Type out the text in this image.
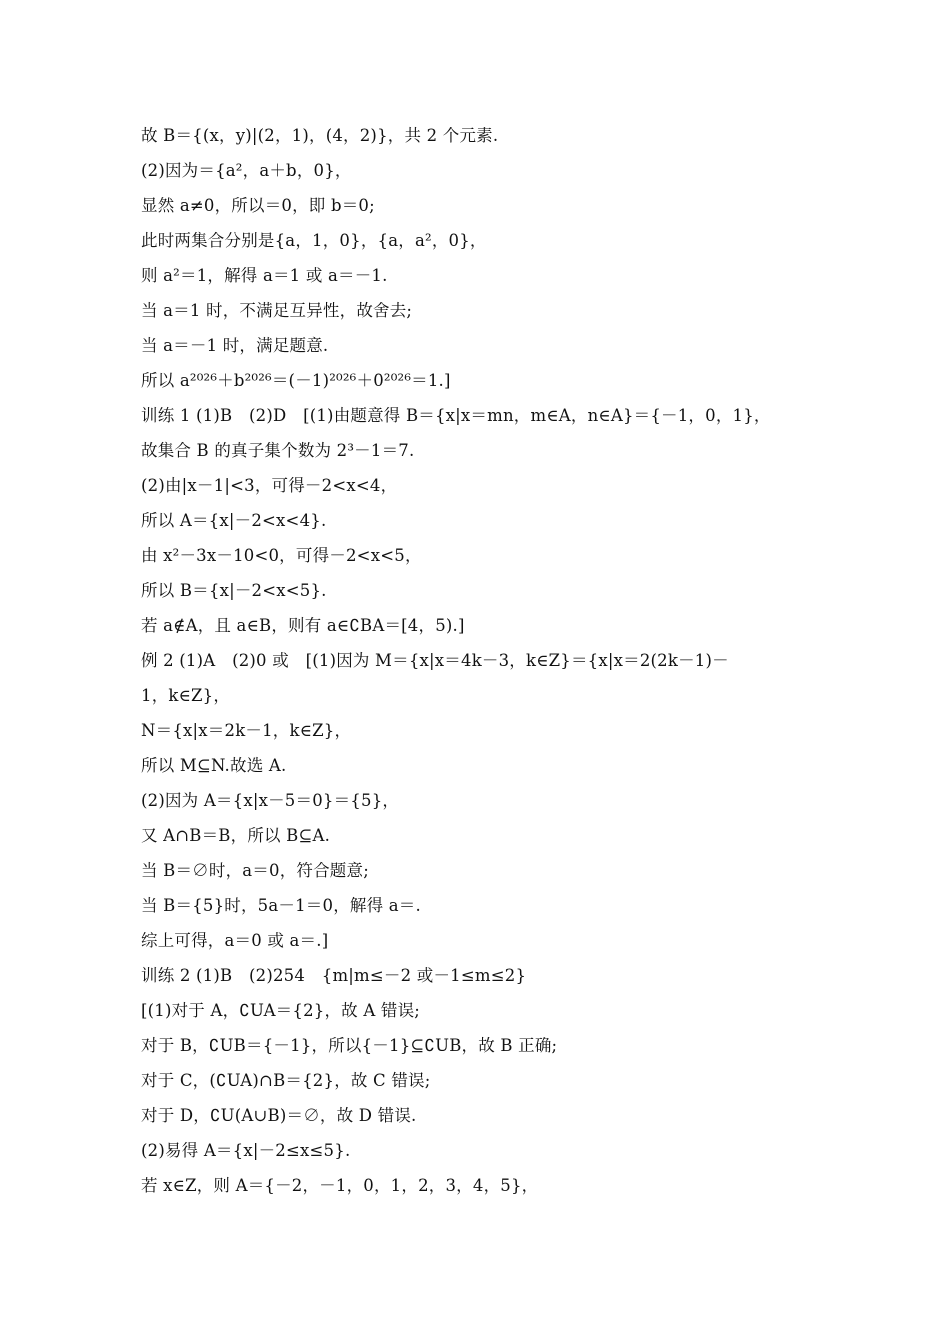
故 B＝{(x，y)|(2，1)，(4，2)}，共 2 个元素.
(2)因为＝{a²，a＋b，0}，
显然 a≠0，所以＝0，即 b＝0;
此时两集合分别是{a，1，0}，{a，a²，0}，
则 a²＝1，解得 a＝1 或 a＝－1.
当 a＝1 时，不满足互异性，故舍去;
当 a＝－1 时，满足题意.
所以 a²⁰²⁶＋b²⁰²⁶＝(－1)²⁰²⁶＋0²⁰²⁶＝1.]
训练 1 (1)B　(2)D　[(1)由题意得 B＝{x|x＝mn，m∈A，n∈A}＝{－1，0，1}，
故集合 B 的真子集个数为 2³－1＝7.
(2)由|x－1|<3，可得－2<x<4，
所以 A＝{x|－2<x<4}.
由 x²－3x－10<0，可得－2<x<5，
所以 B＝{x|－2<x<5}.
若 a∉A，且 a∈B，则有 a∈∁BA＝[4，5).]
例 2 (1)A　(2)0 或　[(1)因为 M＝{x|x＝4k－3，k∈Z}＝{x|x＝2(2k－1)－
1，k∈Z}，
N＝{x|x＝2k－1，k∈Z}，
所以 M⊆N.故选 A.
(2)因为 A＝{x|x－5＝0}＝{5}，
又 A∩B＝B，所以 B⊆A.
当 B＝∅时，a＝0，符合题意;
当 B＝{5}时，5a－1＝0，解得 a＝.
综上可得，a＝0 或 a＝.]
训练 2 (1)B　(2)254　{m|m≤－2 或－1≤m≤2}
[(1)对于 A，∁UA＝{2}，故 A 错误;
对于 B，∁UB＝{－1}，所以{－1}⊆∁UB，故 B 正确;
对于 C，(∁UA)∩B＝{2}，故 C 错误;
对于 D，∁U(A∪B)＝∅，故 D 错误.
(2)易得 A＝{x|－2≤x≤5}.
若 x∈Z，则 A＝{－2，－1，0，1，2，3，4，5}，
